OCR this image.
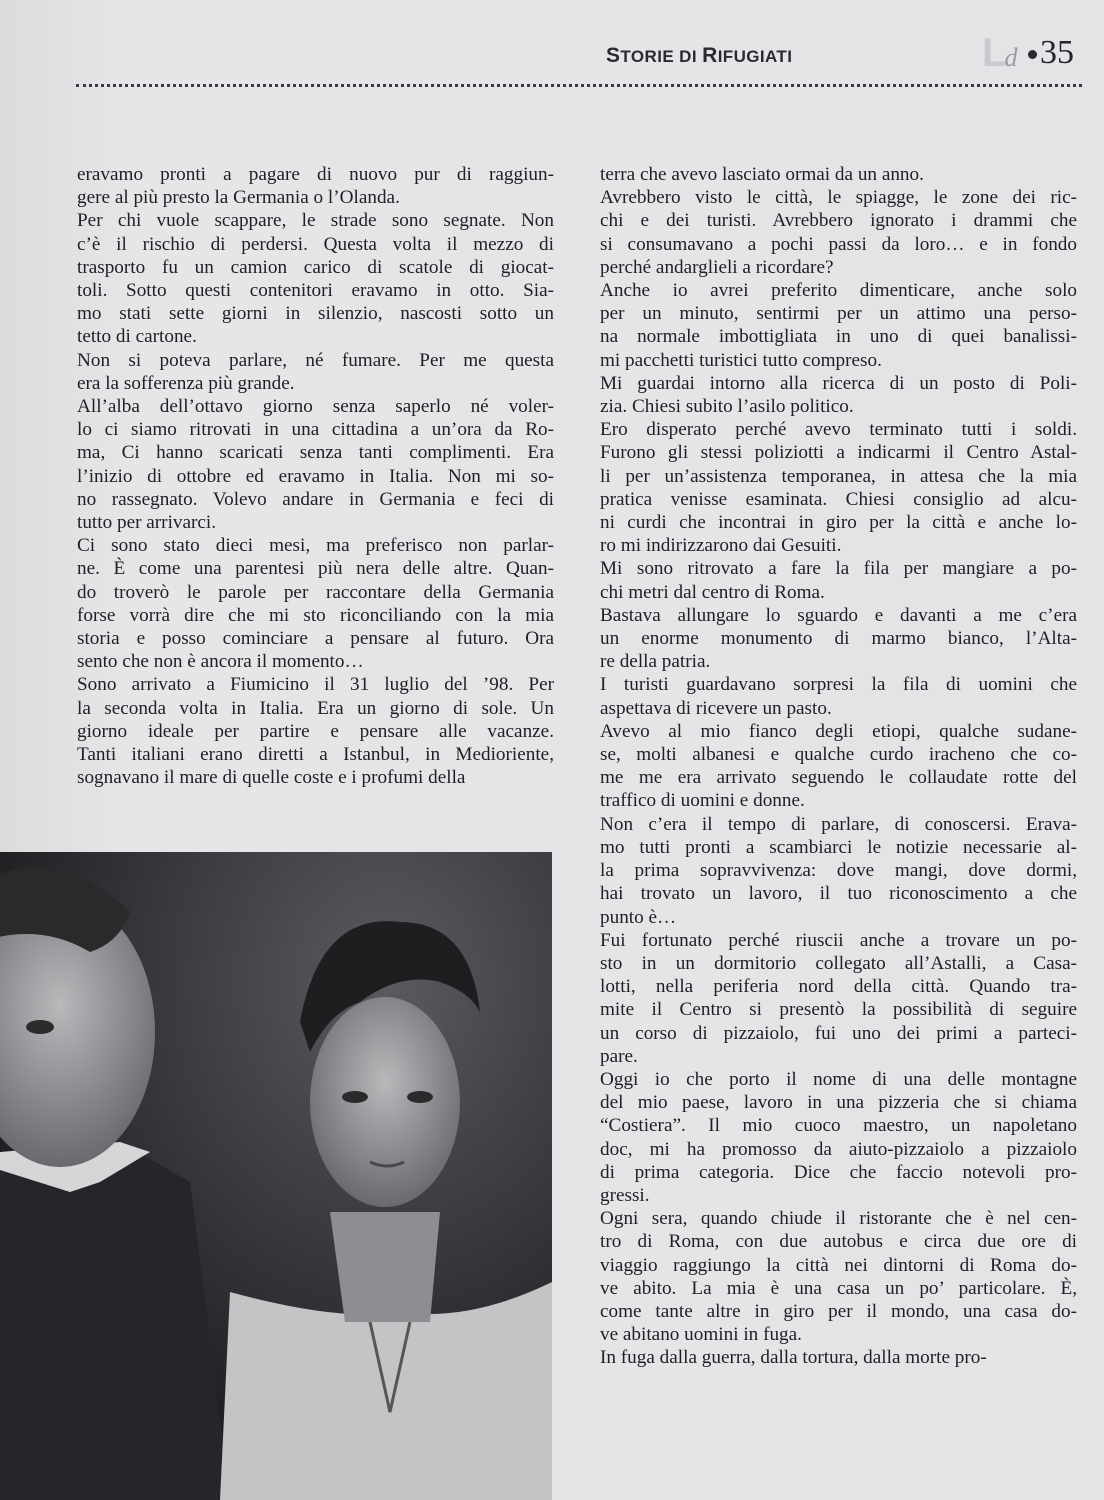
STORIE DI RIFUGIATI	Ld 35

eravamo pronti a pagare di nuovo pur di raggiun-
gere al più presto la Germania o l’Olanda.

Per chi vuole scappare, le strade sono segnate. Non
c’è il rischio di perdersi. Questa volta il mezzo di
trasporto fu un camion carico di scatole di giocat-
toli. Sotto questi contenitori eravamo in otto. Sia-
mo stati sette giorni in silenzio, nascosti sotto un
tetto di cartone.

Non si poteva parlare, né fumare. Per me questa
era la sofferenza più grande.

All’alba dell’ottavo giorno senza saperlo né voler-
lo ci siamo ritrovati in una cittadina a un’ora da Ro-
ma, Ci hanno scaricati senza tanti complimenti. Era
l’inizio di ottobre ed eravamo in Italia. Non mi so-
no rassegnato. Volevo andare in Germania e feci di
tutto per arrivarci.

Ci sono stato dieci mesi, ma preferisco non parlar-
ne. È come una parentesi più nera delle altre. Quan-
do troverò le parole per raccontare della Germania
forse vorrà dire che mi sto riconciliando con la mia
storia e posso cominciare a pensare al futuro. Ora
sento che non è ancora il momento…

Sono arrivato a Fiumicino il 31 luglio del ’98. Per
la seconda volta in Italia. Era un giorno di sole. Un
giorno ideale per partire e pensare alle vacanze.
Tanti italiani erano diretti a Istanbul, in Medioriente,
sognavano il mare di quelle coste e i profumi della

terra che avevo lasciato ormai da un anno.

Avrebbero visto le città, le spiagge, le zone dei ric-
chi e dei turisti. Avrebbero ignorato i drammi che
si consumavano a pochi passi da loro… e in fondo
perché andarglieli a ricordare?

Anche io avrei preferito dimenticare, anche solo
per un minuto, sentirmi per un attimo una perso-
na normale imbottigliata in uno di quei banalissi-
mi pacchetti turistici tutto compreso.

Mi guardai intorno alla ricerca di un posto di Poli-
zia. Chiesi subito l’asilo politico.

Ero disperato perché avevo terminato tutti i soldi.
Furono gli stessi poliziotti a indicarmi il Centro Astal-
li per un’assistenza temporanea, in attesa che la mia
pratica venisse esaminata. Chiesi consiglio ad alcu-
ni curdi che incontrai in giro per la città e anche lo-
ro mi indirizzarono dai Gesuiti.

Mi sono ritrovato a fare la fila per mangiare a po-
chi metri dal centro di Roma.

Bastava allungare lo sguardo e davanti a me c’era
un enorme monumento di marmo bianco, l’Alta-
re della patria.

I turisti guardavano sorpresi la fila di uomini che
aspettava di ricevere un pasto.

Avevo al mio fianco degli etiopi, qualche sudane-
se, molti albanesi e qualche curdo iracheno che co-
me me era arrivato seguendo le collaudate rotte del
traffico di uomini e donne.

Non c’era il tempo di parlare, di conoscersi. Erava-
mo tutti pronti a scambiarci le notizie necessarie al-
la prima sopravvivenza: dove mangi, dove dormi,
hai trovato un lavoro, il tuo riconoscimento a che
punto è…

Fui fortunato perché riuscii anche a trovare un po-
sto in un dormitorio collegato all’Astalli, a Casa-
lotti, nella periferia nord della città. Quando tra-
mite il Centro si presentò la possibilità di seguire
un corso di pizzaiolo, fui uno dei primi a parteci-
pare.

Oggi io che porto il nome di una delle montagne
del mio paese, lavoro in una pizzeria che si chiama
“Costiera”. Il mio cuoco maestro, un napoletano
doc, mi ha promosso da aiuto-pizzaiolo a pizzaiolo
di prima categoria. Dice che faccio notevoli pro-
gressi.

Ogni sera, quando chiude il ristorante che è nel cen-
tro di Roma, con due autobus e circa due ore di
viaggio raggiungo la città nei dintorni di Roma do-
ve abito. La mia è una casa un po’ particolare. È,
come tante altre in giro per il mondo, una casa do-
ve abitano uomini in fuga.

In fuga dalla guerra, dalla tortura, dalla morte pro-
